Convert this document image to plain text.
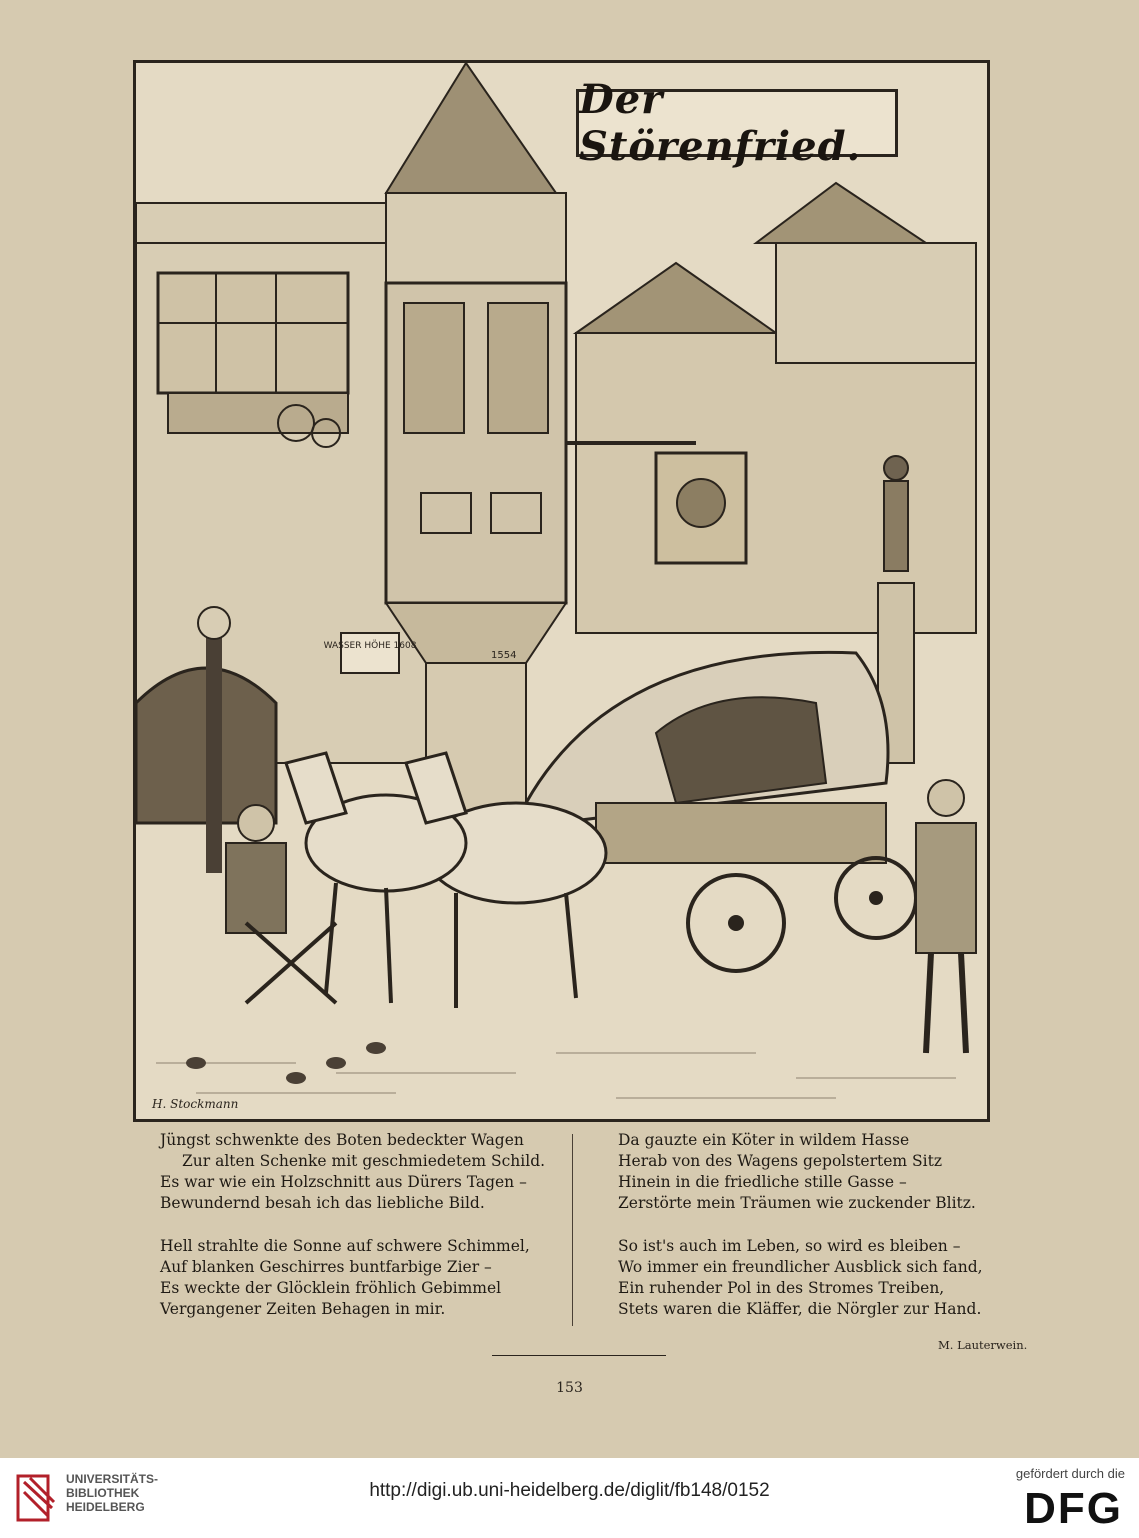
WASSER HÖHE 1608
1554
Der Störenfried.
H. Stockmann
Jüngst schwenkte des Boten bedeckter Wagen
Zur alten Schenke mit geschmiedetem Schild.
Es war wie ein Holzschnitt aus Dürers Tagen –
Bewundernd besah ich das liebliche Bild.
Hell strahlte die Sonne auf schwere Schimmel,
Auf blanken Geschirres buntfarbige Zier –
Es weckte der Glöcklein fröhlich Gebimmel
Vergangener Zeiten Behagen in mir.
Da gauzte ein Köter in wildem Hasse
Herab von des Wagens gepolstertem Sitz
Hinein in die friedliche stille Gasse –
Zerstörte mein Träumen wie zuckender Blitz.
So ist's auch im Leben, so wird es bleiben –
Wo immer ein freundlicher Ausblick sich fand,
Ein ruhender Pol in des Stromes Treiben,
Stets waren die Kläffer, die Nörgler zur Hand.
M. Lauterwein.
153
UNIVERSITÄTS-
BIBLIOTHEK
HEIDELBERG
http://digi.ub.uni-heidelberg.de/diglit/fb148/0152
gefördert durch die
DFG
